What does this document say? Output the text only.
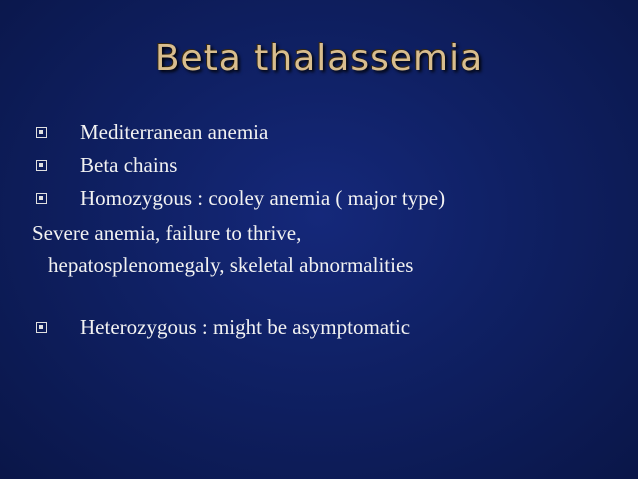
Beta thalassemia
Mediterranean anemia
Beta chains
Homozygous : cooley anemia ( major type)
Severe anemia, failure to thrive,
hepatosplenomegaly, skeletal abnormalities
Heterozygous : might be asymptomatic
